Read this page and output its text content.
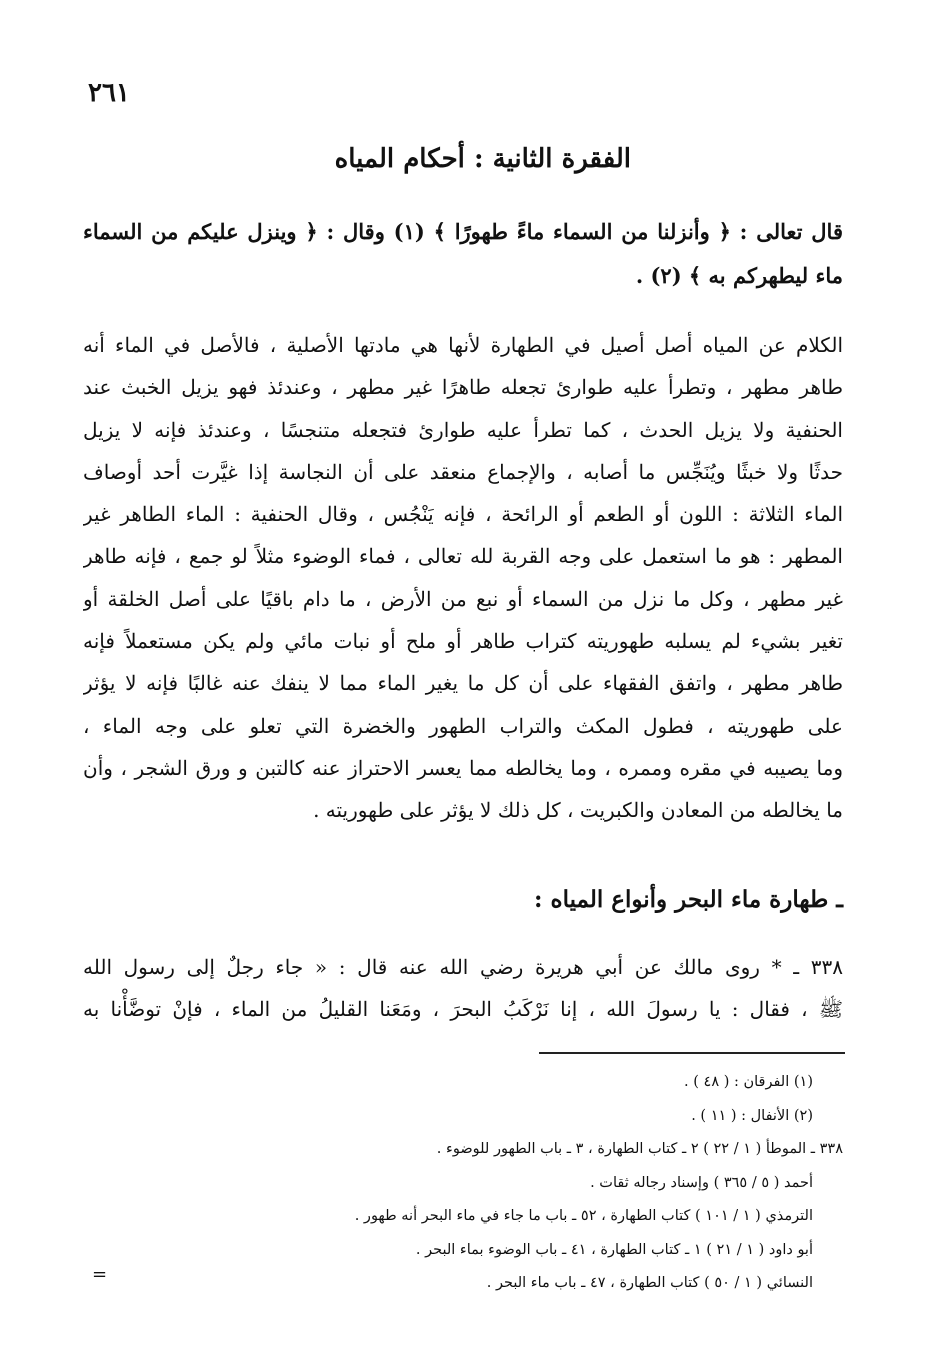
٢٦١
الفقرة الثانية : أحكام المياه
قال تعالى : ﴿ وأنزلنا من السماء ماءً طهورًا ﴾ (١) وقال : ﴿ وينزل عليكم من السماء
ماء ليطهركم به ﴾ (٢) .
الكلام عن المياه أصل أصيل في الطهارة لأنها هي مادتها الأصلية ، فالأصل في الماء أنه
طاهر مطهر ، وتطرأ عليه طوارئ تجعله طاهرًا غير مطهر ، وعندئذ فهو يزيل الخبث عند
الحنفية ولا يزيل الحدث ، كما تطرأ عليه طوارئ فتجعله متنجسًا ، وعندئذ فإنه لا يزيل
حدثًا ولا خبثًا ويُنَجِّس ما أصابه ، والإجماع منعقد على أن النجاسة إذا غيَّرت أحد أوصاف
الماء الثلاثة : اللون أو الطعم أو الرائحة ، فإنه يَنْجُس ، وقال الحنفية : الماء الطاهر غير
المطهر : هو ما استعمل على وجه القربة لله تعالى ، فماء الوضوء مثلاً لو جمع ، فإنه طاهر
غير مطهر ، وكل ما نزل من السماء أو نبع من الأرض ، ما دام باقيًا على أصل الخلقة أو
تغير بشيء لم يسلبه طهوريته كتراب طاهر أو ملح أو نبات مائي ولم يكن مستعملاً فإنه
طاهر مطهر ، واتفق الفقهاء على أن كل ما يغير الماء مما لا ينفك عنه غالبًا فإنه لا يؤثر
على طهوريته ، فطول المكث والتراب الطهور والخضرة التي تعلو على وجه الماء ،
وما يصيبه في مقره وممره ، وما يخالطه مما يعسر الاحتراز عنه كالتبن و ورق الشجر ، وأن
ما يخالطه من المعادن والكبريت ، كل ذلك لا يؤثر على طهوريته .
ـ طهارة ماء البحر وأنواع المياه :
٣٣٨ ـ * روى مالك عن أبي هريرة رضي الله عنه قال : « جاء رجلٌ إلى رسول الله
ﷺ ، فقال : يا رسولَ الله ، إنا نَرْكَبُ البحرَ ، ومَعَنا القليلُ من الماء ، فإنْ توضَّأْنا به
(١) الفرقان : ( ٤٨ ) .
(٢) الأنفال : ( ١١ ) .
٣٣٨ ـ الموطأ ( ١ / ٢٢ ) ٢ ـ كتاب الطهارة ، ٣ ـ باب الطهور للوضوء .
أحمد ( ٥ / ٣٦٥ ) وإسناد رجاله ثقات .
الترمذي ( ١ / ١٠١ ) كتاب الطهارة ، ٥٢ ـ باب ما جاء في ماء البحر أنه طهور .
أبو داود ( ١ / ٢١ ) ١ ـ كتاب الطهارة ، ٤١ ـ باب الوضوء بماء البحر .
النسائي ( ١ / ٥٠ ) كتاب الطهارة ، ٤٧ ـ باب ماء البحر .
=
